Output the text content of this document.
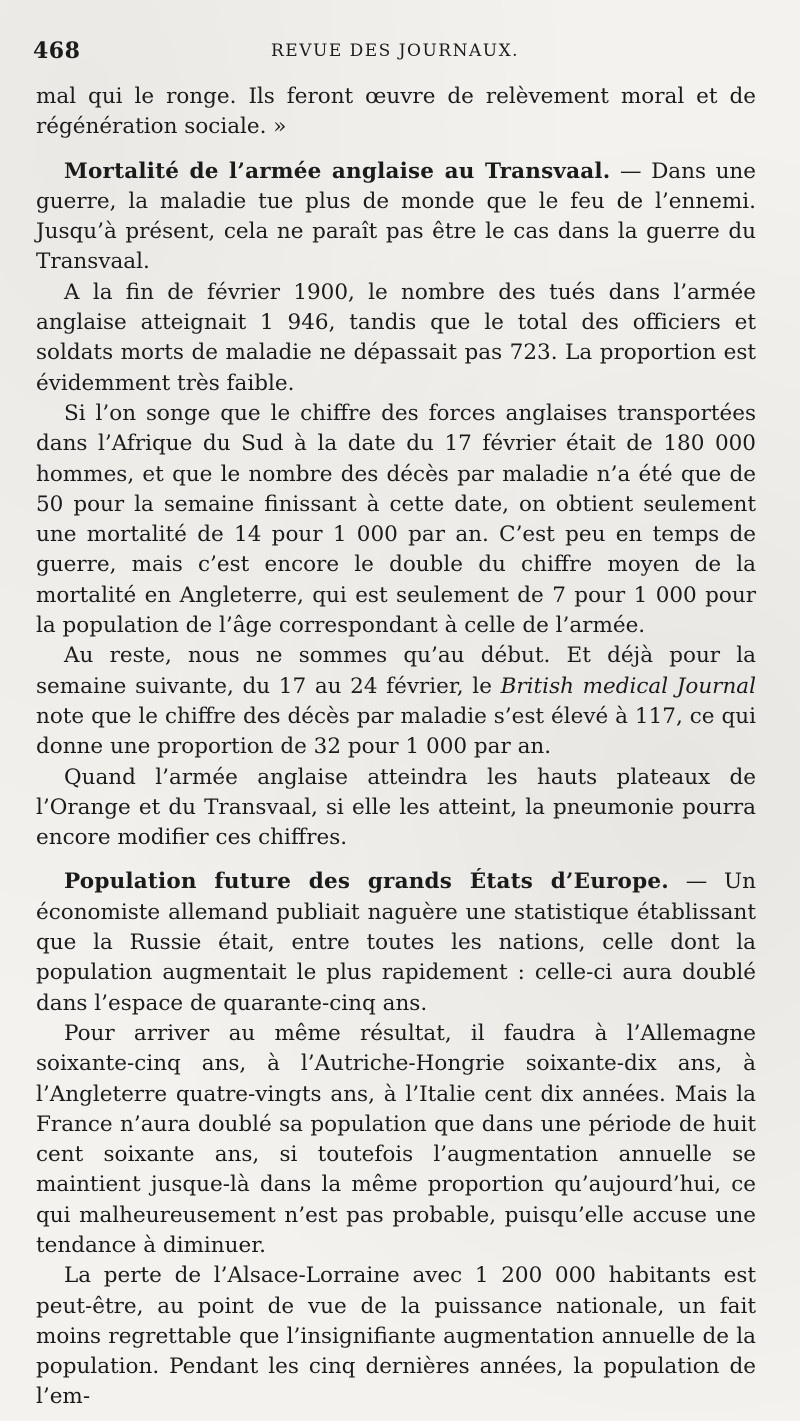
468	REVUE DES JOURNAUX.

mal qui le ronge. Ils feront œuvre de relèvement moral et de régénération sociale. »

Mortalité de l’armée anglaise au Transvaal. — Dans une guerre, la maladie tue plus de monde que le feu de l’ennemi. Jusqu’à présent, cela ne paraît pas être le cas dans la guerre du Transvaal.

A la fin de février 1900, le nombre des tués dans l’armée anglaise atteignait 1 946, tandis que le total des officiers et soldats morts de maladie ne dépassait pas 723. La proportion est évidemment très faible.

Si l’on songe que le chiffre des forces anglaises transportées dans l’Afrique du Sud à la date du 17 février était de 180 000 hommes, et que le nombre des décès par maladie n’a été que de 50 pour la semaine finissant à cette date, on obtient seulement une mortalité de 14 pour 1 000 par an. C’est peu en temps de guerre, mais c’est encore le double du chiffre moyen de la mortalité en Angleterre, qui est seulement de 7 pour 1 000 pour la population de l’âge correspondant à celle de l’armée.

Au reste, nous ne sommes qu’au début. Et déjà pour la semaine suivante, du 17 au 24 février, le British medical Journal note que le chiffre des décès par maladie s’est élevé à 117, ce qui donne une proportion de 32 pour 1 000 par an.

Quand l’armée anglaise atteindra les hauts plateaux de l’Orange et du Transvaal, si elle les atteint, la pneumonie pourra encore modifier ces chiffres.

Population future des grands États d’Europe. — Un économiste allemand publiait naguère une statistique établissant que la Russie était, entre toutes les nations, celle dont la population augmentait le plus rapidement : celle-ci aura doublé dans l’espace de quarante-cinq ans.

Pour arriver au même résultat, il faudra à l’Allemagne soixante-cinq ans, à l’Autriche-Hongrie soixante-dix ans, à l’Angleterre quatre-vingts ans, à l’Italie cent dix années. Mais la France n’aura doublé sa population que dans une période de huit cent soixante ans, si toutefois l’augmentation annuelle se maintient jusque-là dans la même proportion qu’aujourd’hui, ce qui malheureusement n’est pas probable, puisqu’elle accuse une tendance à diminuer.

La perte de l’Alsace-Lorraine avec 1 200 000 habitants est peut-être, au point de vue de la puissance nationale, un fait moins regrettable que l’insignifiante augmentation annuelle de la population. Pendant les cinq dernières années, la population de l’em-
